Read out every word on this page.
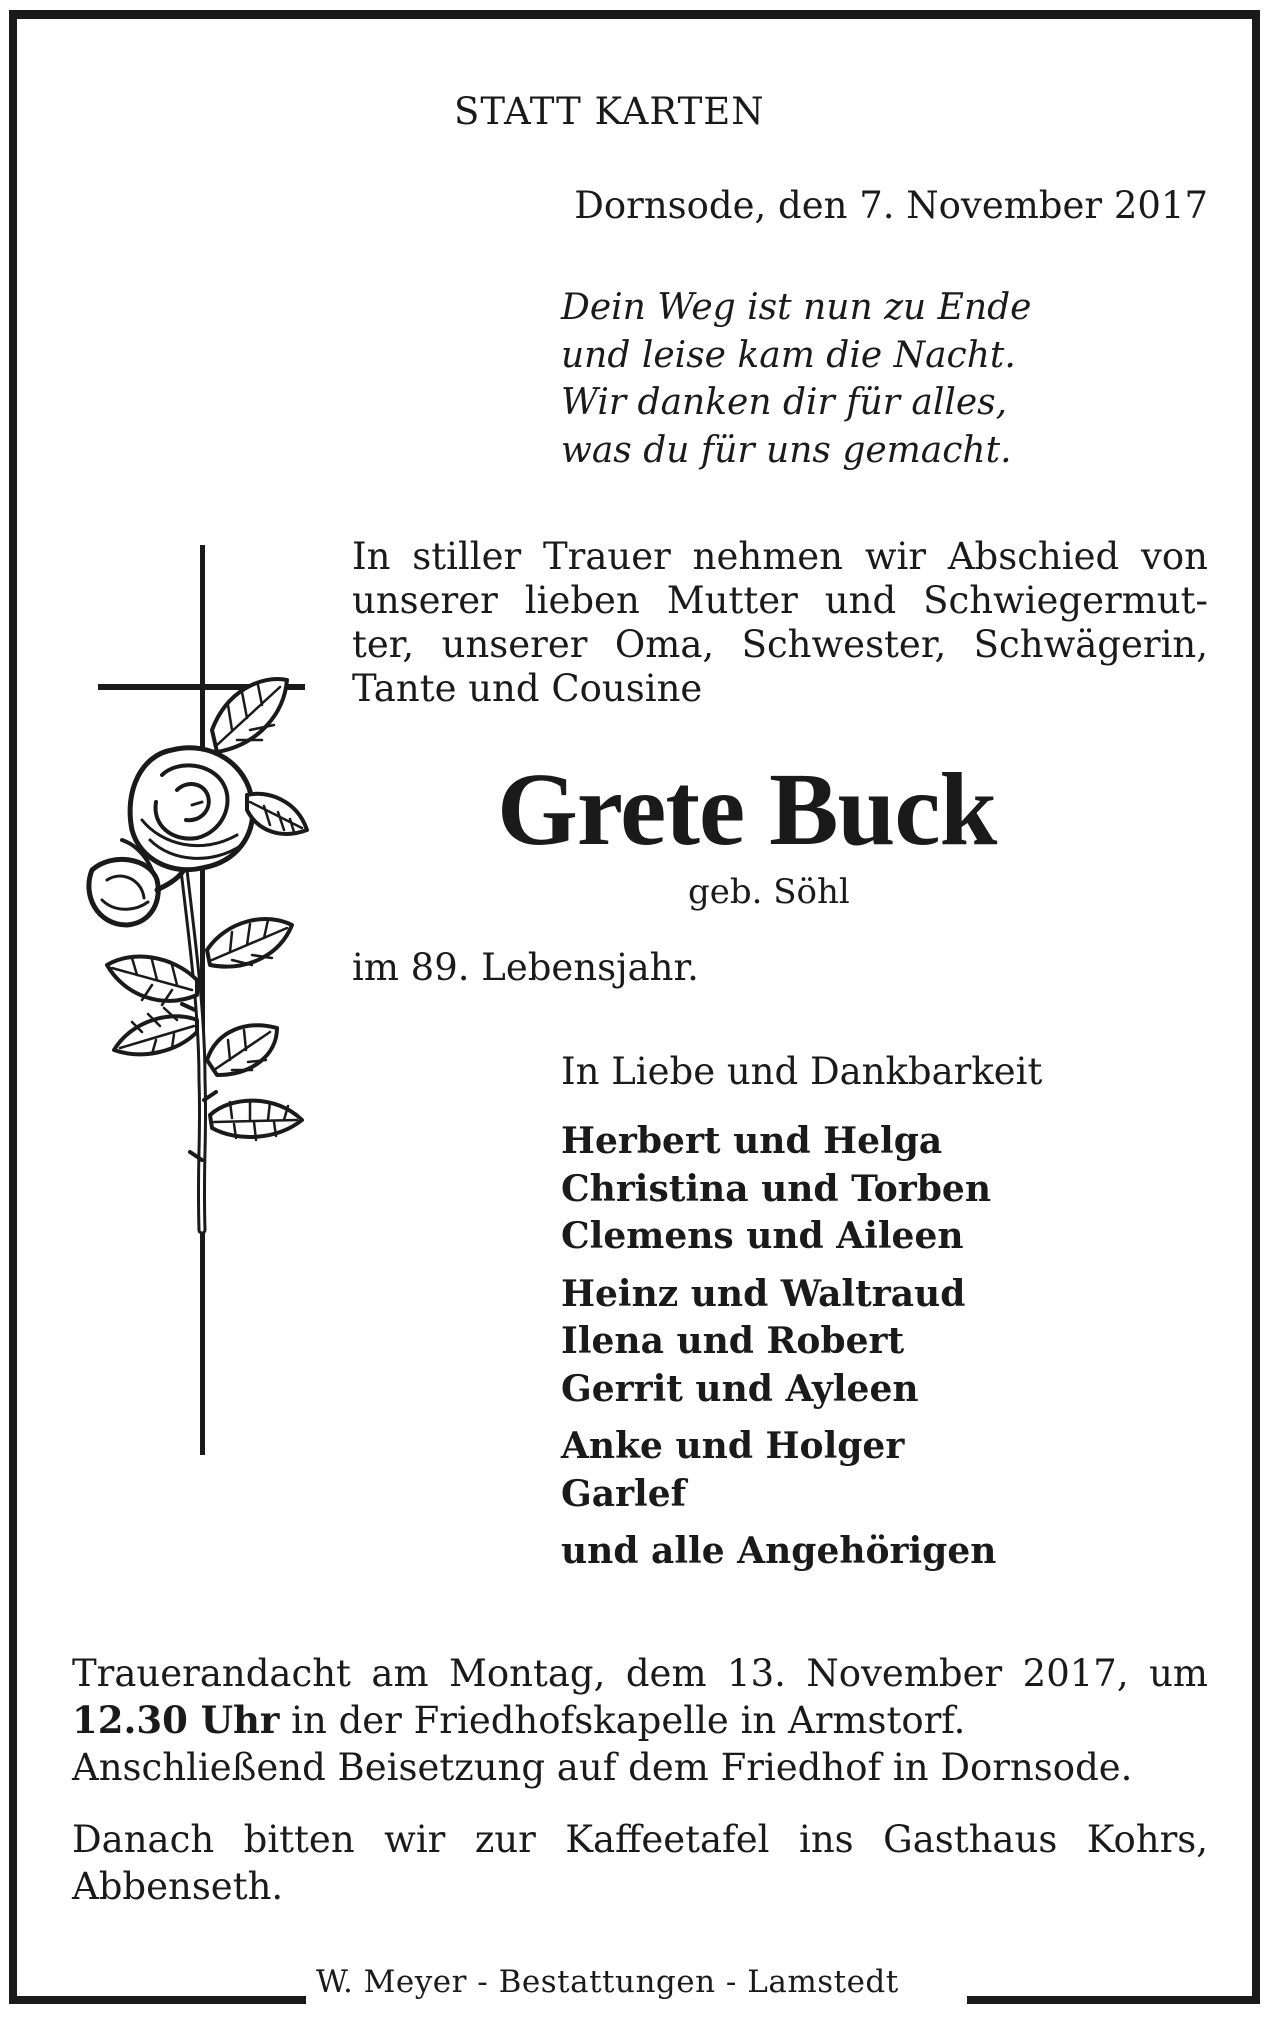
STATT KARTEN
Dornsode, den 7. November 2017
Dein Weg ist nun zu Ende
und leise kam die Nacht.
Wir danken dir für alles,
was du für uns gemacht.
In stiller Trauer nehmen wir Abschied von
unserer lieben Mutter und Schwiegermut-
ter, unserer Oma, Schwester, Schwägerin,
Tante und Cousine
Grete Buck
geb. Söhl
im 89. Lebensjahr.
In Liebe und Dankbarkeit
Herbert und Helga
Christina und Torben
Clemens und Aileen
Heinz und Waltraud
Ilena und Robert
Gerrit und Ayleen
Anke und Holger
Garlef
und alle Angehörigen
Trauerandacht am Montag, dem 13. November 2017, um
12.30 Uhr in der Friedhofskapelle in Armstorf.
Anschließend Beisetzung auf dem Friedhof in Dornsode.
Danach bitten wir zur Kaffeetafel ins Gasthaus Kohrs,
Abbenseth.
W. Meyer - Bestattungen - Lamstedt
